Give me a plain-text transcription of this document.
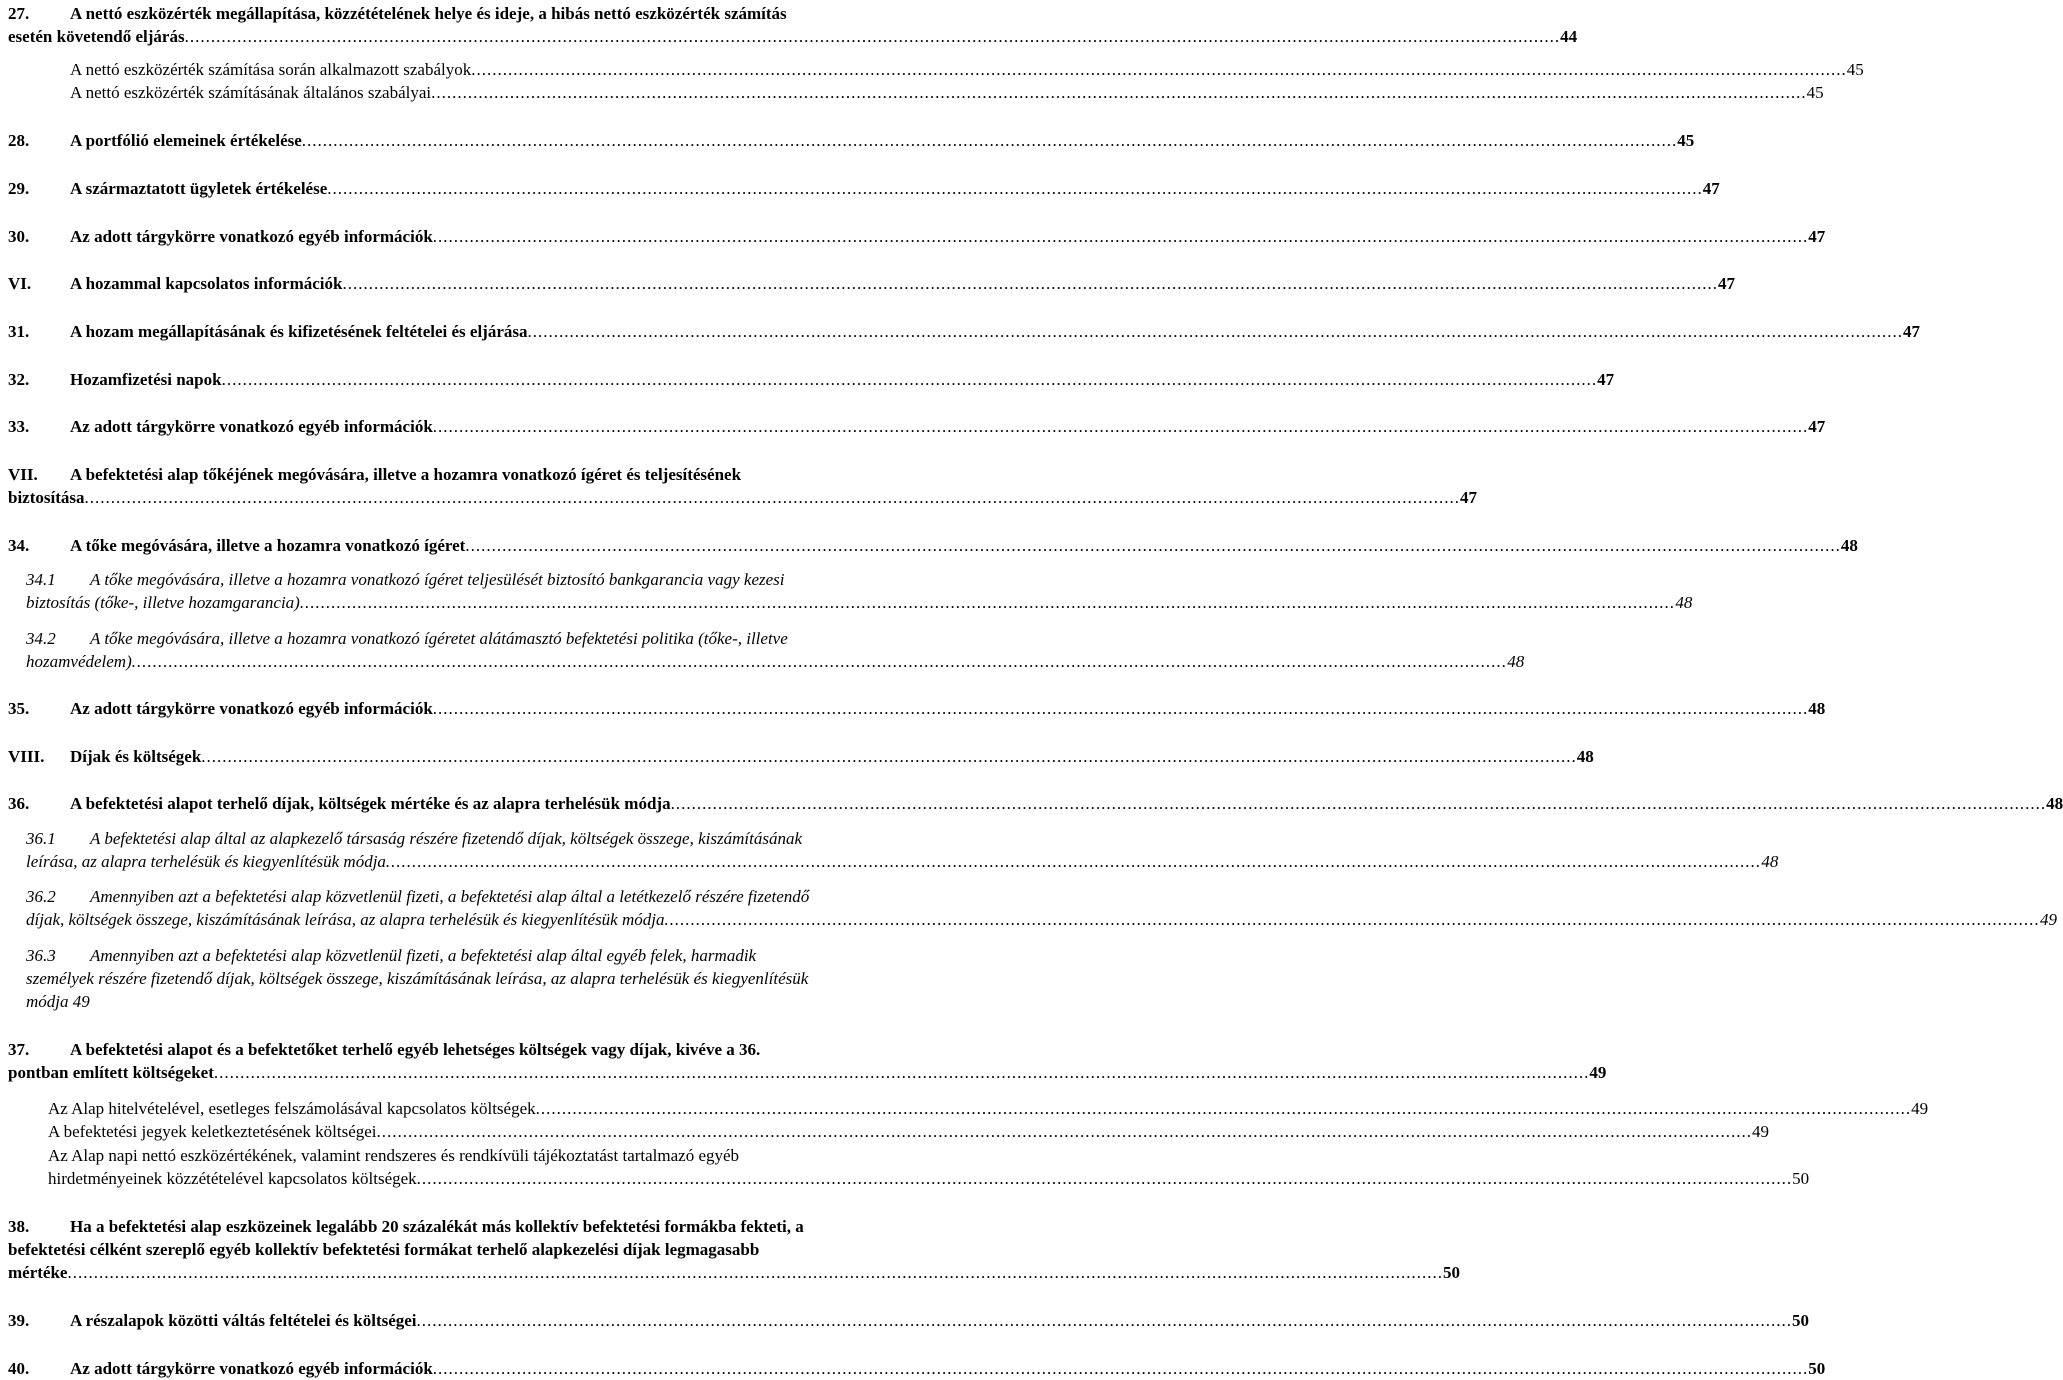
27. A nettó eszközérték megállapítása, közzétételének helye és ideje, a hibás nettó eszközérték számítás
esetén követendő eljárás .....	44
A nettó eszközérték számítása során alkalmazott szabályok .....	45
A nettó eszközérték számításának általános szabályai .....	45
28. A portfólió elemeinek értékelése .....	45
29. A származtatott ügyletek értékelése .....	47
30. Az adott tárgykörre vonatkozó egyéb információk .....	47
VI. A hozammal kapcsolatos információk .....	47
31. A hozam megállapításának és kifizetésének feltételei és eljárása .....	47
32. Hozamfizetési napok .....	47
33. Az adott tárgykörre vonatkozó egyéb információk .....	47
VII. A befektetési alap tőkéjének megóvására, illetve a hozamra vonatkozó ígéret és teljesítésének
biztosítása .....	47
34. A tőke megóvására, illetve a hozamra vonatkozó ígéret .....	48
34.1 A tőke megóvására, illetve a hozamra vonatkozó ígéret teljesülését biztosító bankgarancia vagy kezesi
biztosítás (tőke-, illetve hozamgarancia) .....	48
34.2 A tőke megóvására, illetve a hozamra vonatkozó ígéretet alátámasztó befektetési politika (tőke-, illetve
hozamvédelem) .....	48
35. Az adott tárgykörre vonatkozó egyéb információk .....	48
VIII. Díjak és költségek .....	48
36. A befektetési alapot terhelő díjak, költségek mértéke és az alapra terhelésük módja .....	48
36.1 A befektetési alap által az alapkezelő társaság részére fizetendő díjak, költségek összege, kiszámításának
leírása, az alapra terhelésük és kiegyenlítésük módja .....	48
36.2 Amennyiben azt a befektetési alap közvetlenül fizeti, a befektetési alap által a letétkezelő részére fizetendő
díjak, költségek összege, kiszámításának leírása, az alapra terhelésük és kiegyenlítésük módja .....	49
36.3 Amennyiben azt a befektetési alap közvetlenül fizeti, a befektetési alap által egyéb felek, harmadik
személyek részére fizetendő díjak, költségek összege, kiszámításának leírása, az alapra terhelésük és kiegyenlítésük
módja 49
37. A befektetési alapot és a befektetőket terhelő egyéb lehetséges költségek vagy díjak, kivéve a 36.
pontban említett költségeket .....	49
Az Alap hitelvételével, esetleges felszámolásával kapcsolatos költségek .....	49
A befektetési jegyek keletkeztetésének költségei .....	49
Az Alap napi nettó eszközértékének, valamint rendszeres és rendkívüli tájékoztatást tartalmazó egyéb
hirdetményeinek közzétételével kapcsolatos költségek .....	50
38. Ha a befektetési alap eszközeinek legalább 20 százalékát más kollektív befektetési formákba fekteti, a
befektetési célként szereplő egyéb kollektív befektetési formákat terhelő alapkezelési díjak legmagasabb
mértéke .....	50
39. A részalapok közötti váltás feltételei és költségei .....	50
40. Az adott tárgykörre vonatkozó egyéb információk .....	50
